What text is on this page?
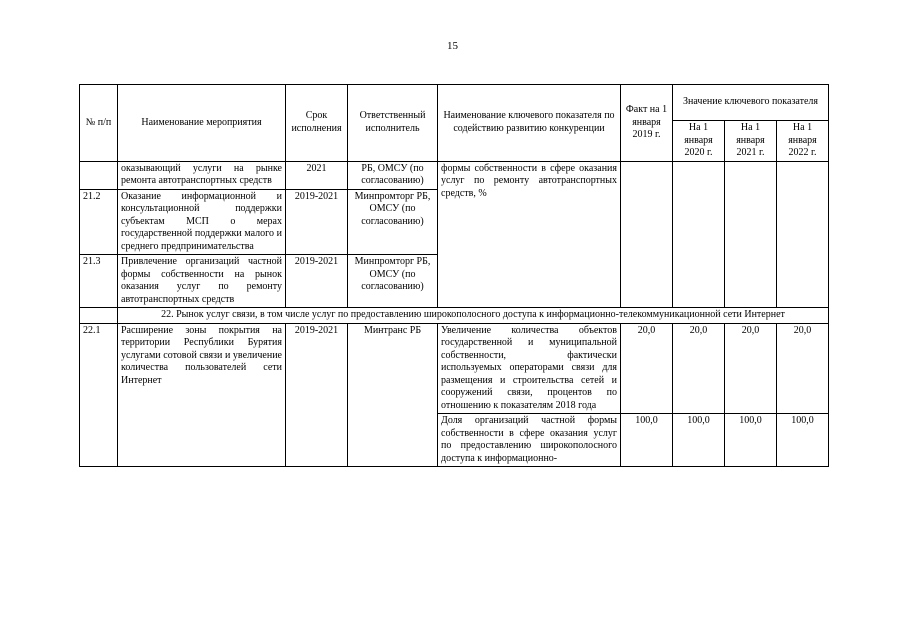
15
№ п/п	Наименование мероприятия	Срок исполнения	Ответственный исполнитель	Наименование ключевого показателя по содействию развитию конкуренции	Факт на 1 января 2019 г.	Значение ключевого показателя		
						На 1 января 2020 г.	На 1 января 2021 г.	На 1 января 2022 г.
	оказывающий услуги на рынке ремонта автотранспортных средств	2021	РБ, ОМСУ (по согласованию)	формы собственности в сфере оказания услуг по ремонту автотранспортных средств, %				
21.2	Оказание информационной и консультационной поддержки субъектам МСП о мерах государственной поддержки малого и среднего предпринимательства	2019-2021	Минпромторг РБ, ОМСУ (по согласованию)					
21.3	Привлечение организаций частной формы собственности на рынок оказания услуг по ремонту автотранспортных средств	2019-2021	Минпромторг РБ, ОМСУ (по согласованию)					
	22. Рынок услуг связи, в том числе услуг по предоставлению широкополосного доступа к информационно-телекоммуникационной сети Интернет							
22.1	Расширение зоны покрытия на территории Республики Бурятия услугами сотовой связи и увеличение количества пользователей сети Интернет	2019-2021	Минтранс РБ	Увеличение количества объектов государственной и муниципальной собственности, фактически используемых операторами связи для размещения и строительства сетей и сооружений связи, процентов по отношению к показателям 2018 года	20,0	20,0	20,0	20,0
				Доля организаций частной формы собственности в сфере оказания услуг по предоставлению широкополосного доступа к информационно-	100,0	100,0	100,0	100,0
